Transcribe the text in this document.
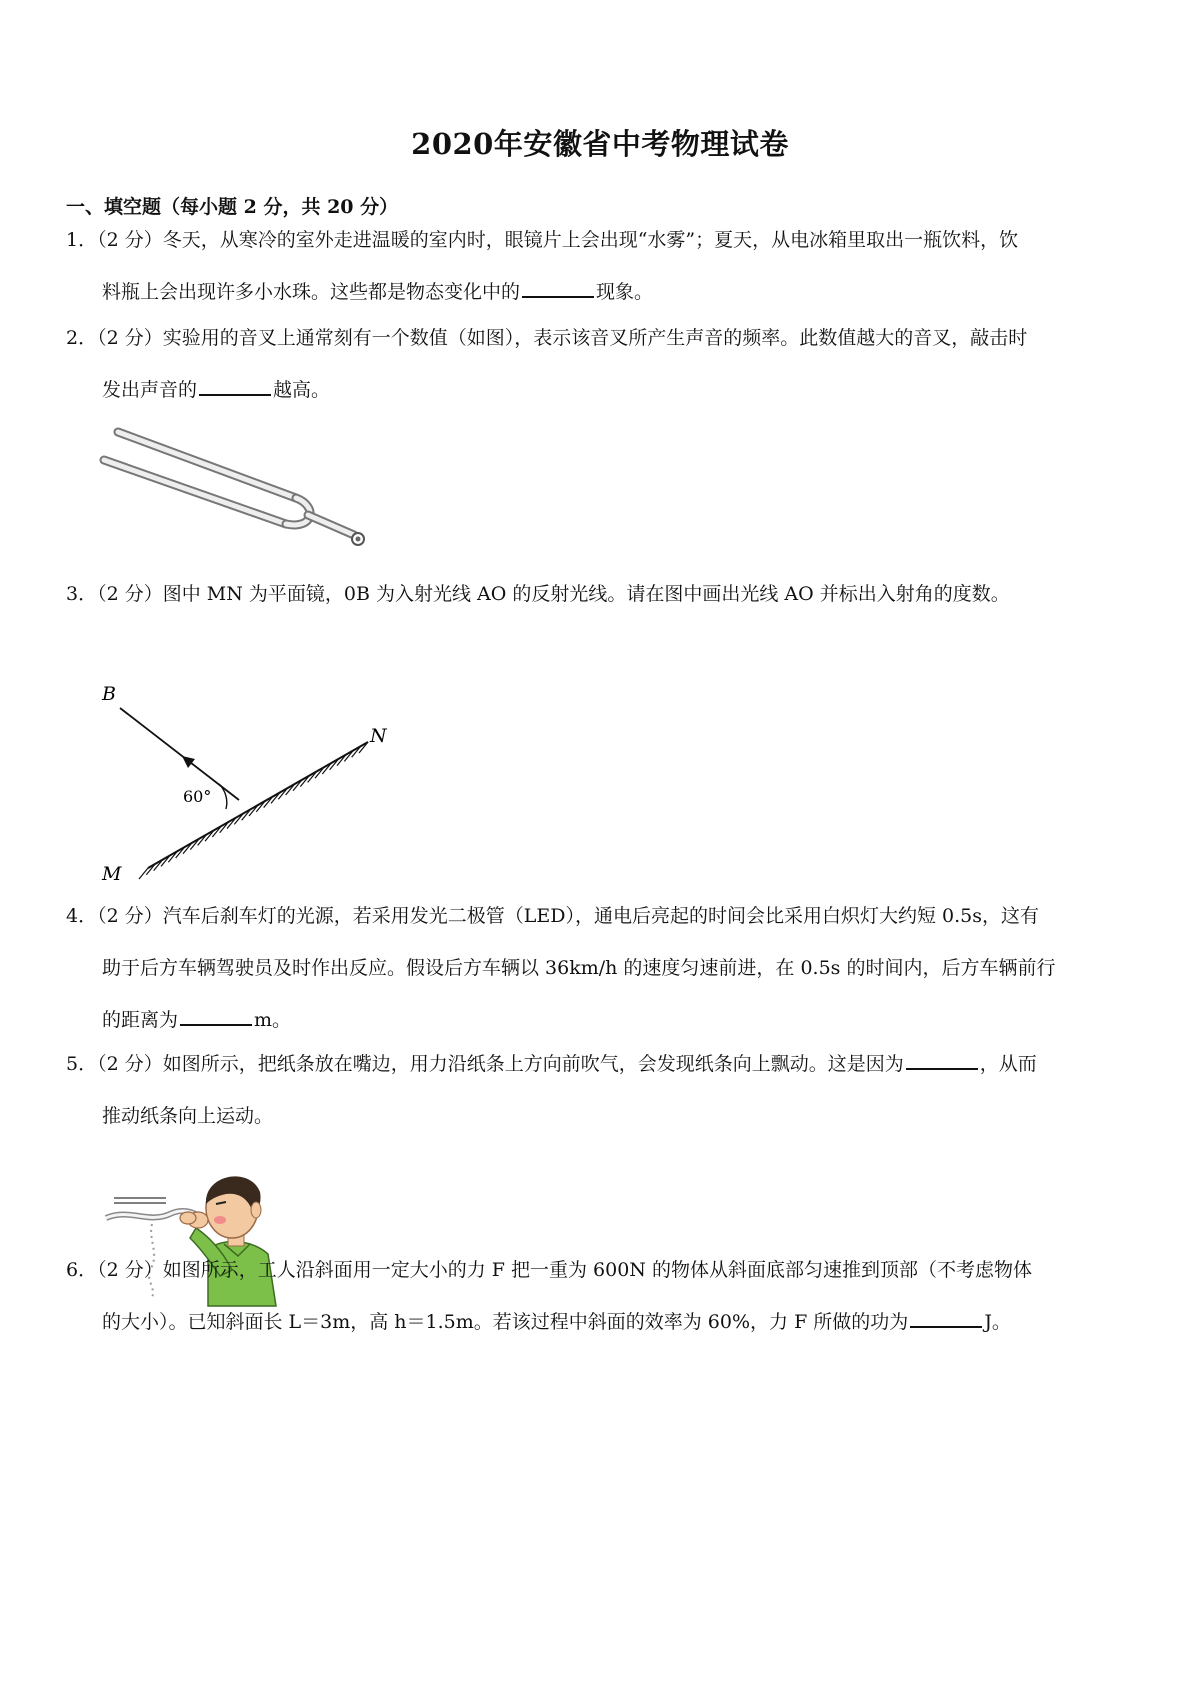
2020年安徽省中考物理试卷
一、填空题（每小题 2 分，共 20 分）
1．（2 分）冬天，从寒冷的室外走进温暖的室内时，眼镜片上会出现“水雾”；夏天，从电冰箱里取出一瓶饮料，饮
料瓶上会出现许多小水珠。这些都是物态变化中的	现象。
2．（2 分）实验用的音叉上通常刻有一个数值（如图），表示该音叉所产生声音的频率。此数值越大的音叉，敲击时
发出声音的	越高。
3．（2 分）图中 MN 为平面镜，0B 为入射光线 AO 的反射光线。请在图中画出光线 AO 并标出入射角的度数。
B
N
M
60°
4．（2 分）汽车后刹车灯的光源，若采用发光二极管（LED），通电后亮起的时间会比采用白炽灯大约短 0.5s，这有
助于后方车辆驾驶员及时作出反应。假设后方车辆以 36km/h 的速度匀速前进，在 0.5s 的时间内，后方车辆前行
的距离为	m。
5．（2 分）如图所示，把纸条放在嘴边，用力沿纸条上方向前吹气，会发现纸条向上飘动。这是因为	，从而
推动纸条向上运动。
6．（2 分）如图所示，工人沿斜面用一定大小的力 F 把一重为 600N 的物体从斜面底部匀速推到顶部（不考虑物体
的大小）。已知斜面长 L＝3m，高 h＝1.5m。若该过程中斜面的效率为 60%，力 F 所做的功为	J。
